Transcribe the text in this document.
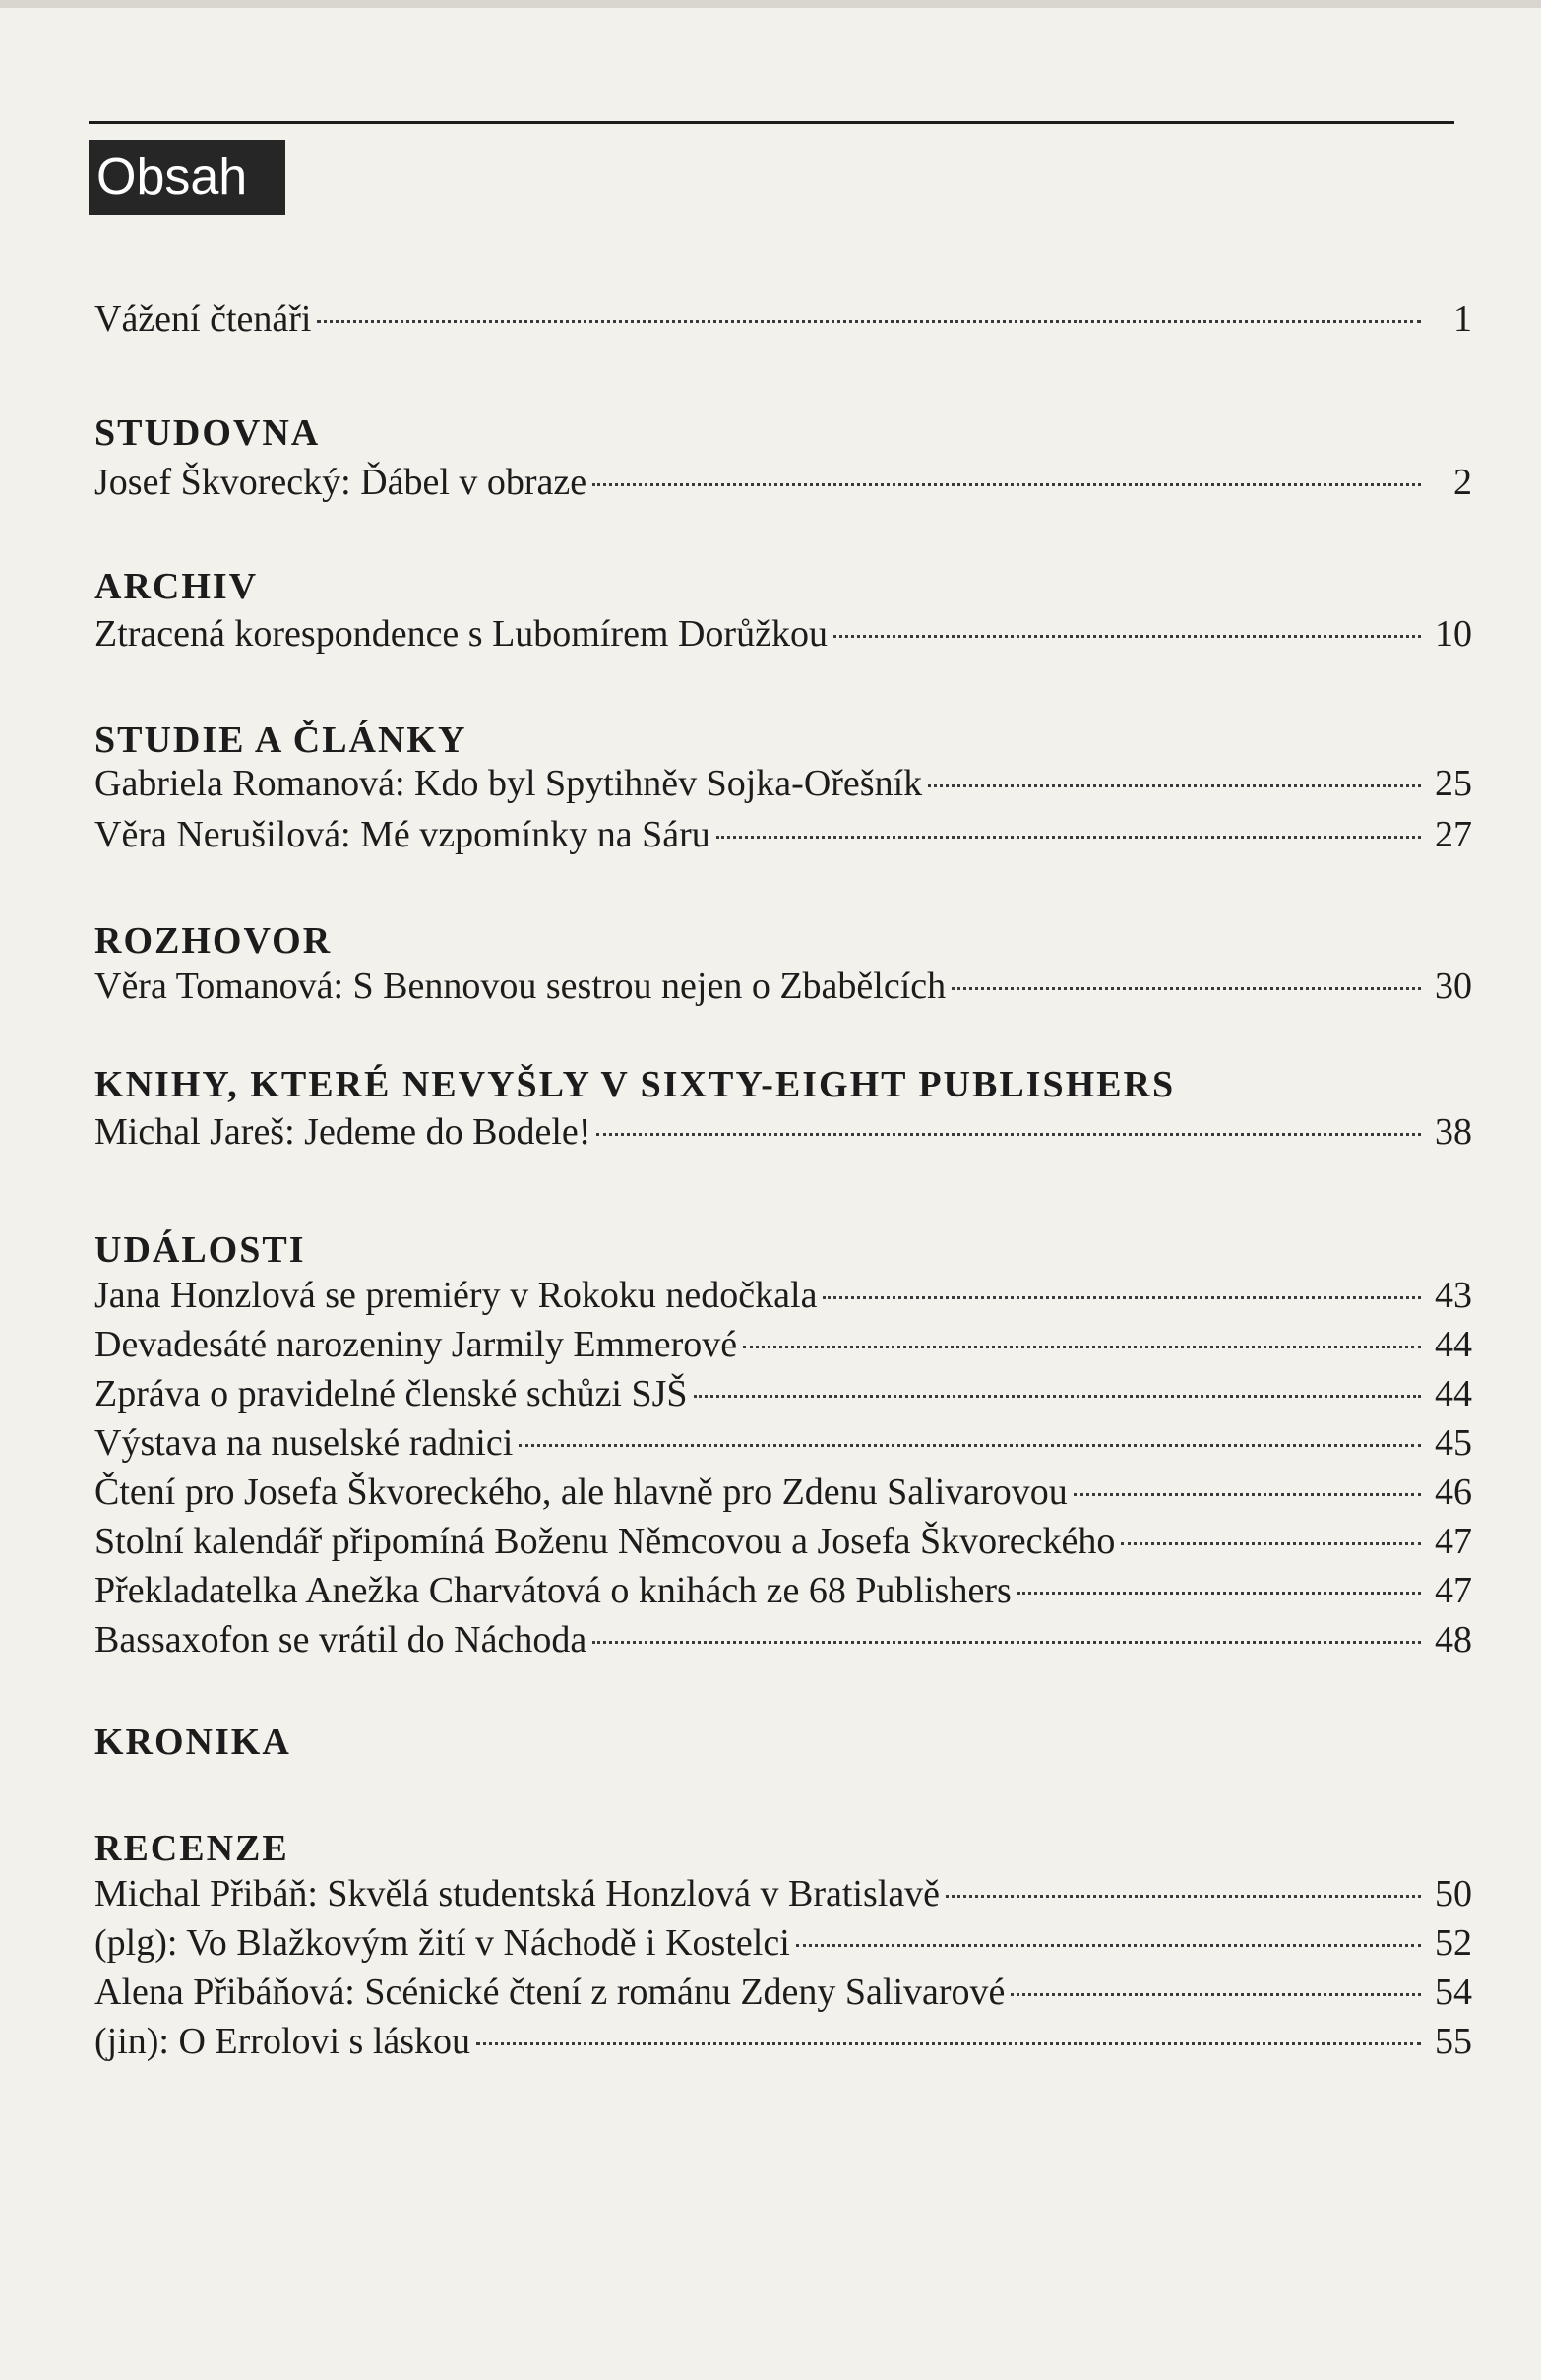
Obsah
Vážení čtenáři	1
STUDOVNA
Josef Škvorecký: Ďábel v obraze	2
ARCHIV
Ztracená korespondence s Lubomírem Dorůžkou	10
STUDIE A ČLÁNKY
Gabriela Romanová: Kdo byl Spytihněv Sojka-Ořešník	25
Věra Nerušilová: Mé vzpomínky na Sáru	27
ROZHOVOR
Věra Tomanová: S Bennovou sestrou nejen o Zbabělcích	30
KNIHY, KTERÉ NEVYŠLY V SIXTY-EIGHT PUBLISHERS
Michal Jareš: Jedeme do Bodele!	38
UDÁLOSTI
Jana Honzlová se premiéry v Rokoku nedočkala	43
Devadesáté narozeniny Jarmily Emmerové	44
Zpráva o pravidelné členské schůzi SJŠ	44
Výstava na nuselské radnici	45
Čtení pro Josefa Škvoreckého, ale hlavně pro Zdenu Salivarovou	46
Stolní kalendář připomíná Boženu Němcovou a Josefa Škvoreckého	47
Překladatelka Anežka Charvátová o knihách ze 68 Publishers	47
Bassaxofon se vrátil do Náchoda	48
KRONIKA
RECENZE
Michal Přibáň: Skvělá studentská Honzlová v Bratislavě	50
(plg): Vo Blažkovým žití v Náchodě i Kostelci	52
Alena Přibáňová: Scénické čtení z románu Zdeny Salivarové	54
(jin): O Errolovi s láskou	55
